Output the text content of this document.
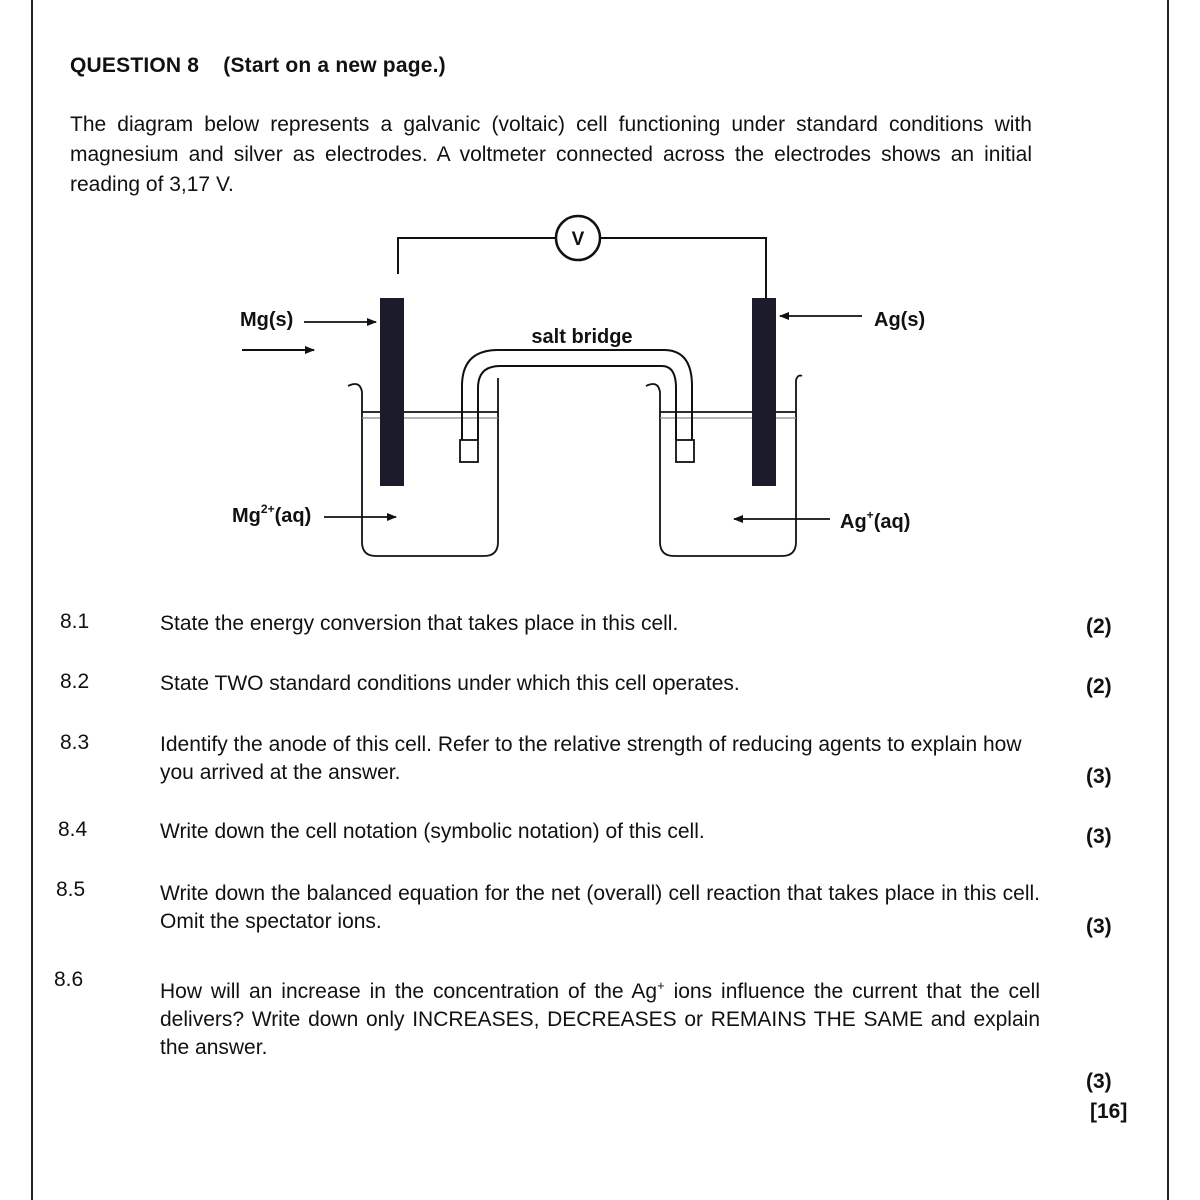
QUESTION 8 (Start on a new page.)
The diagram below represents a galvanic (voltaic) cell functioning under standard conditions with magnesium and silver as electrodes. A voltmeter connected across the electrodes shows an initial reading of 3,17 V.
V
salt bridge
Mg(s)	Ag(s)
$Mg^{2+}(aq)$	Ag+(aq)
8.1	State the energy conversion that takes place in this cell.	(2)
8.2	State TWO standard conditions under which this cell operates.	(2)
8.3	Identify the anode of this cell. Refer to the relative strength of reducing agents to explain how you arrived at the answer.	(3)
8.4	Write down the cell notation (symbolic notation) of this cell.	(3)
8.5	Write down the balanced equation for the net (overall) cell reaction that takes place in this cell. Omit the spectator ions.	(3)
8.6
How will an increase in the concentration of the Ag+ ions influence the current that the cell delivers? Write down only INCREASES, DECREASES or REMAINS THE SAME and explain the answer.
(3)
[16]
